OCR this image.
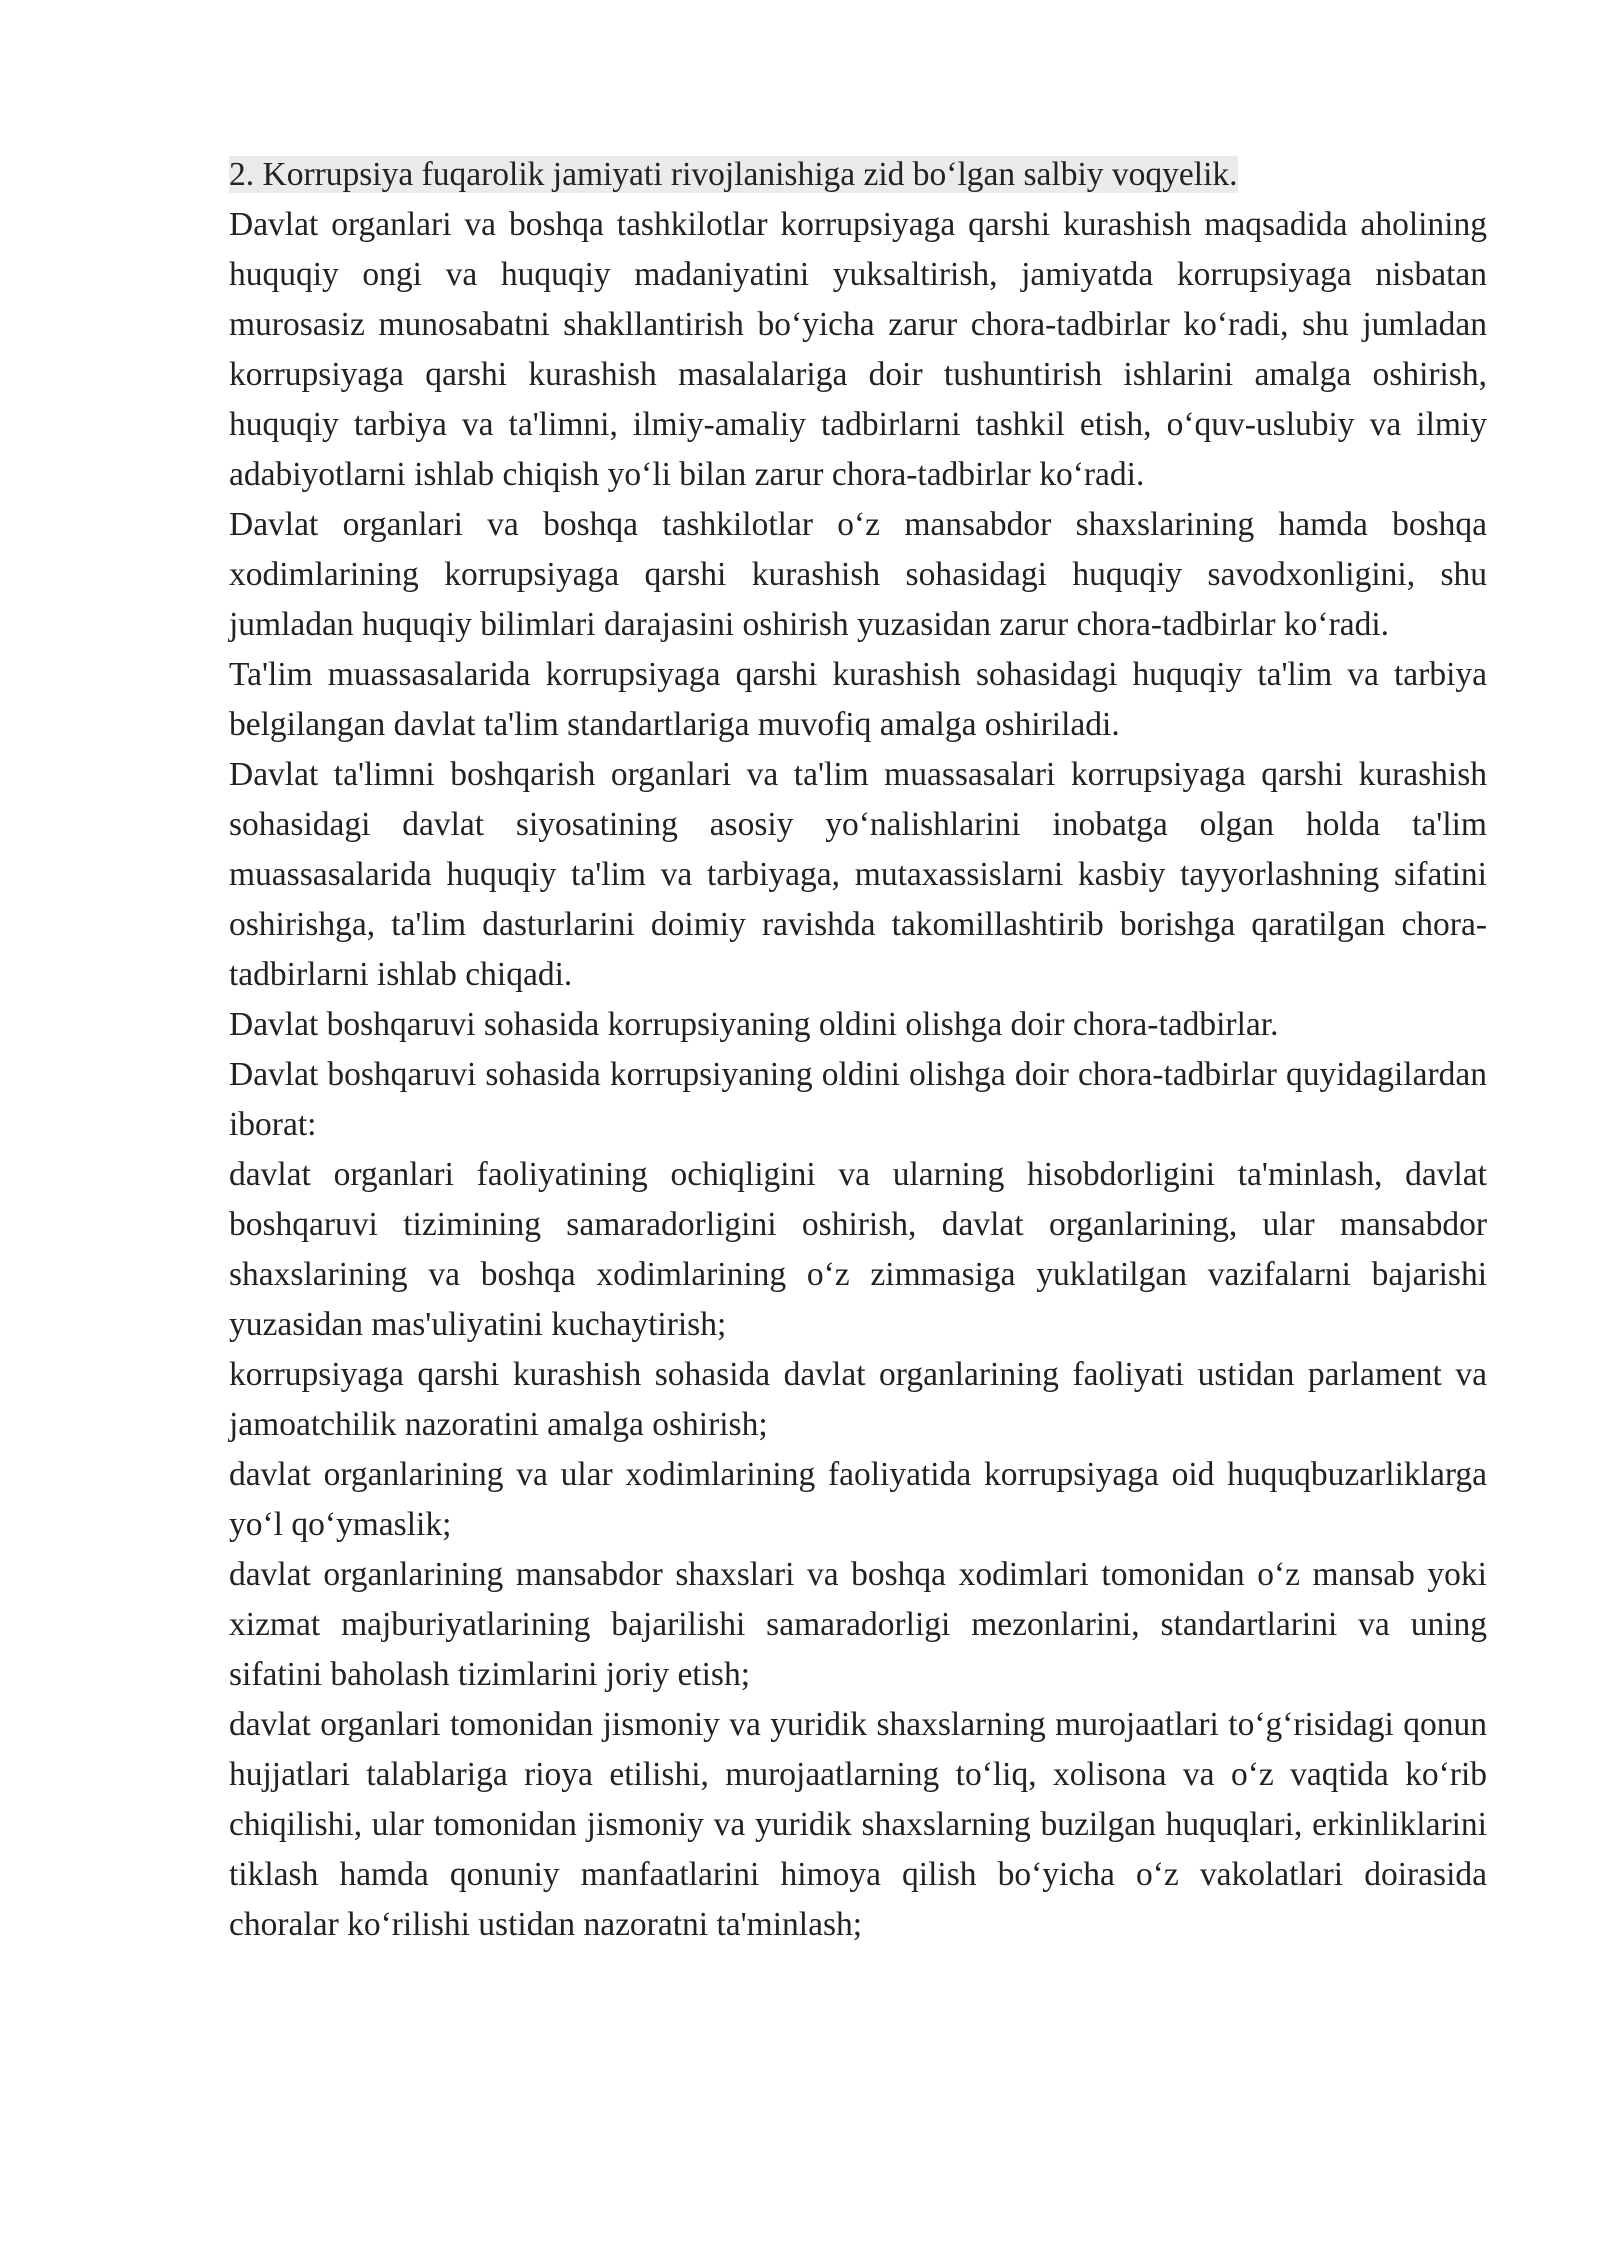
2. Korrupsiya fuqarolik jamiyati rivojlanishiga zid bo‘lgan salbiy voqyelik.

Davlat organlari va boshqa tashkilotlar korrupsiyaga qarshi kurashish maqsadida aholining huquqiy ongi va huquqiy madaniyatini yuksaltirish, jamiyatda korrupsiyaga nisbatan murosasiz munosabatni shakllantirish bo‘yicha zarur chora-tadbirlar ko‘radi, shu jumladan korrupsiyaga qarshi kurashish masalalariga doir tushuntirish ishlarini amalga oshirish, huquqiy tarbiya va ta'limni, ilmiy-amaliy tadbirlarni tashkil etish, o‘quv-uslubiy va ilmiy adabiyotlarni ishlab chiqish yo‘li bilan zarur chora-tadbirlar ko‘radi.

Davlat organlari va boshqa tashkilotlar o‘z mansabdor shaxslarining hamda boshqa xodimlarining korrupsiyaga qarshi kurashish sohasidagi huquqiy savodxonligini, shu jumladan huquqiy bilimlari darajasini oshirish yuzasidan zarur chora-tadbirlar ko‘radi.

Ta'lim muassasalarida korrupsiyaga qarshi kurashish sohasidagi huquqiy ta'lim va tarbiya belgilangan davlat ta'lim standartlariga muvofiq amalga oshiriladi.

Davlat ta'limni boshqarish organlari va ta'lim muassasalari korrupsiyaga qarshi kurashish sohasidagi davlat siyosatining asosiy yo‘nalishlarini inobatga olgan holda ta'lim muassasalarida huquqiy ta'lim va tarbiyaga, mutaxassislarni kasbiy tayyorlashning sifatini oshirishga, ta'lim dasturlarini doimiy ravishda takomillashtirib borishga qaratilgan chora-tadbirlarni ishlab chiqadi.

Davlat boshqaruvi sohasida korrupsiyaning oldini olishga doir chora-tadbirlar.

Davlat boshqaruvi sohasida korrupsiyaning oldini olishga doir chora-tadbirlar quyidagilardan iborat:

davlat organlari faoliyatining ochiqligini va ularning hisobdorligini ta'minlash, davlat boshqaruvi tizimining samaradorligini oshirish, davlat organlarining, ular mansabdor shaxslarining va boshqa xodimlarining o‘z zimmasiga yuklatilgan vazifalarni bajarishi yuzasidan mas'uliyatini kuchaytirish;

korrupsiyaga qarshi kurashish sohasida davlat organlarining faoliyati ustidan parlament va jamoatchilik nazoratini amalga oshirish;

davlat organlarining va ular xodimlarining faoliyatida korrupsiyaga oid huquqbuzarliklarga yo‘l qo‘ymaslik;

davlat organlarining mansabdor shaxslari va boshqa xodimlari tomonidan o‘z mansab yoki xizmat majburiyatlarining bajarilishi samaradorligi mezonlarini, standartlarini va uning sifatini baholash tizimlarini joriy etish;

davlat organlari tomonidan jismoniy va yuridik shaxslarning murojaatlari to‘g‘risidagi qonun hujjatlari talablariga rioya etilishi, murojaatlarning to‘liq, xolisona va o‘z vaqtida ko‘rib chiqilishi, ular tomonidan jismoniy va yuridik shaxslarning buzilgan huquqlari, erkinliklarini tiklash hamda qonuniy manfaatlarini himoya qilish bo‘yicha o‘z vakolatlari doirasida choralar ko‘rilishi ustidan nazoratni ta'minlash;
